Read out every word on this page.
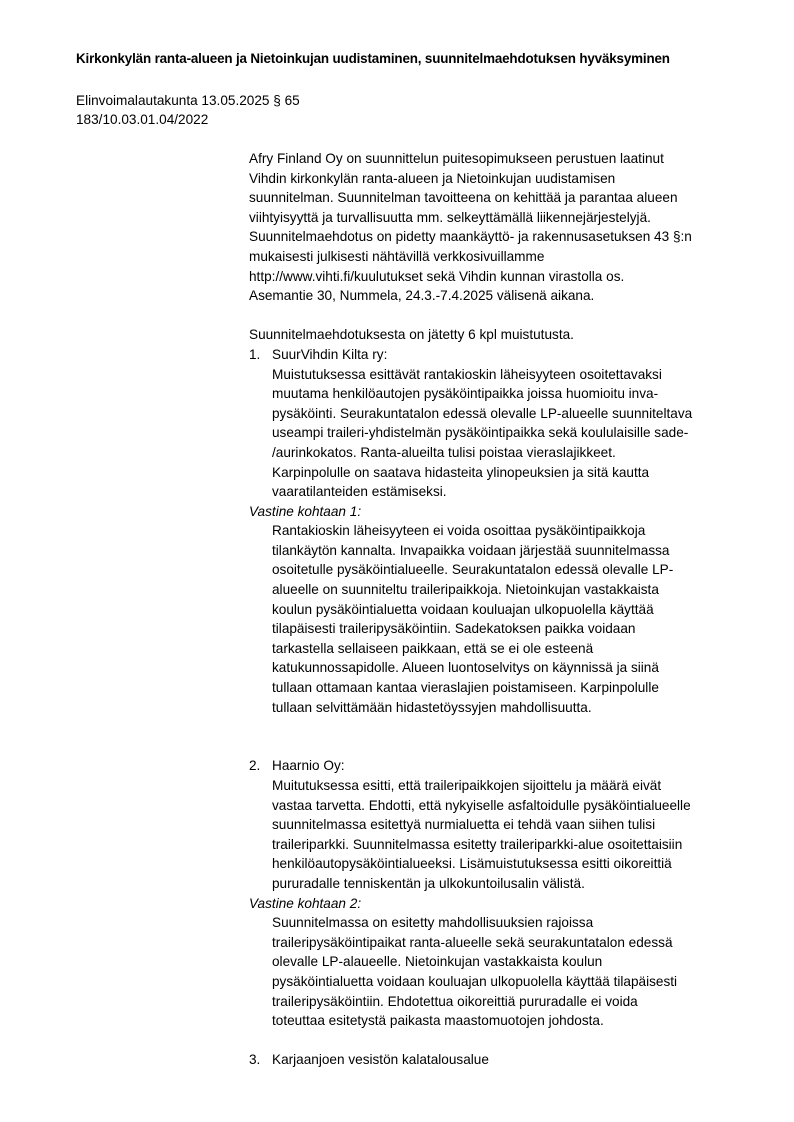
Kirkonkylän ranta-alueen ja Nietoinkujan uudistaminen, suunnitelmaehdotuksen hyväksyminen
Elinvoimalautakunta 13.05.2025 § 65
183/10.03.01.04/2022
Afry Finland Oy on suunnittelun puitesopimukseen perustuen laatinut
Vihdin kirkonkylän ranta-alueen ja Nietoinkujan uudistamisen
suunnitelman. Suunnitelman tavoitteena on kehittää ja parantaa alueen
viihtyisyyttä ja turvallisuutta mm. selkeyttämällä liikennejärjestelyjä.
Suunnitelmaehdotus on pidetty maankäyttö- ja rakennusasetuksen 43 §:n
mukaisesti julkisesti nähtävillä verkkosivuillamme
http://www.vihti.fi/kuulutukset sekä Vihdin kunnan virastolla os.
Asemantie 30, Nummela, 24.3.-7.4.2025 välisenä aikana.
Suunnitelmaehdotuksesta on jätetty 6 kpl muistutusta.
1. SuurVihdin Kilta ry:
Muistutuksessa esittävät rantakioskin läheisyyteen osoitettavaksi
muutama henkilöautojen pysäköintipaikka joissa huomioitu inva-
pysäköinti. Seurakuntatalon edessä olevalle LP-alueelle suunniteltava
useampi traileri-yhdistelmän pysäköintipaikka sekä koululaisille sade-
/aurinkokatos. Ranta-alueilta tulisi poistaa vieraslajikkeet.
Karpinpolulle on saatava hidasteita ylinopeuksien ja sitä kautta
vaaratilanteiden estämiseksi.
Vastine kohtaan 1:
Rantakioskin läheisyyteen ei voida osoittaa pysäköintipaikkoja
tilankäytön kannalta. Invapaikka voidaan järjestää suunnitelmassa
osoitetulle pysäköintialueelle. Seurakuntatalon edessä olevalle LP-
alueelle on suunniteltu traileripaikkoja. Nietoinkujan vastakkaista
koulun pysäköintialuetta voidaan kouluajan ulkopuolella käyttää
tilapäisesti traileripysäköintiin. Sadekatoksen paikka voidaan
tarkastella sellaiseen paikkaan, että se ei ole esteenä
katukunnossapidolle. Alueen luontoselvitys on käynnissä ja siinä
tullaan ottamaan kantaa vieraslajien poistamiseen. Karpinpolulle
tullaan selvittämään hidastetöyssyjen mahdollisuutta.
2. Haarnio Oy:
Muitutuksessa esitti, että traileripaikkojen sijoittelu ja määrä eivät
vastaa tarvetta. Ehdotti, että nykyiselle asfaltoidulle pysäköintialueelle
suunnitelmassa esitettyä nurmialuetta ei tehdä vaan siihen tulisi
traileriparkki. Suunnitelmassa esitetty traileriparkki-alue osoitettaisiin
henkilöautopysäköintialueeksi. Lisämuistutuksessa esitti oikoreittiä
pururadalle tenniskentän ja ulkokuntoilusalin välistä.
Vastine kohtaan 2:
Suunnitelmassa on esitetty mahdollisuuksien rajoissa
traileripysäköintipaikat ranta-alueelle sekä seurakuntatalon edessä
olevalle LP-alaueelle. Nietoinkujan vastakkaista koulun
pysäköintialuetta voidaan kouluajan ulkopuolella käyttää tilapäisesti
traileripysäköintiin. Ehdotettua oikoreittiä pururadalle ei voida
toteuttaa esitetystä paikasta maastomuotojen johdosta.
3. Karjaanjoen vesistön kalatalousalue
